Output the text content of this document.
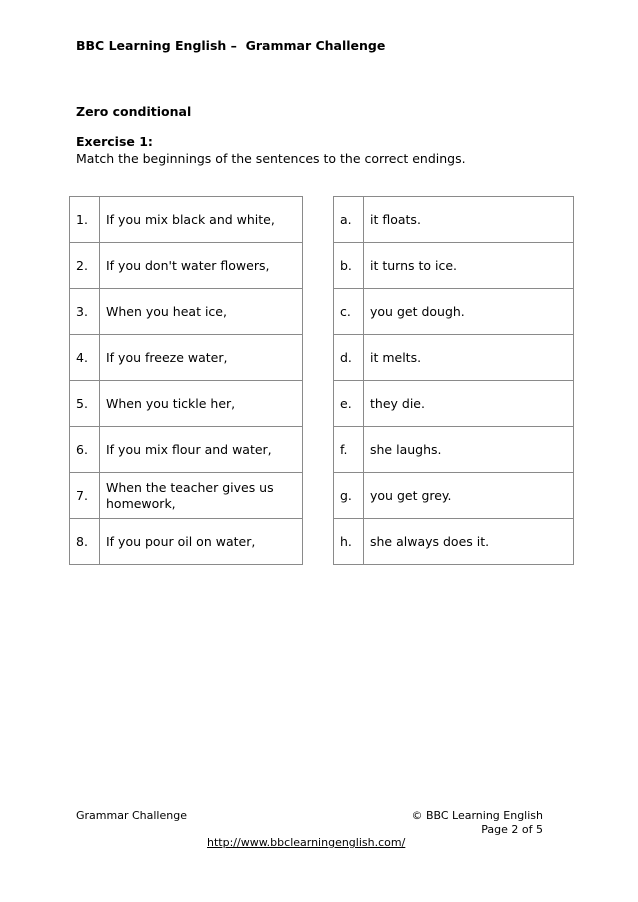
BBC Learning English –  Grammar Challenge
Zero conditional
Exercise 1:
Match the beginnings of the sentences to the correct endings.
1.	If you mix black and white,
2.	If you don't water flowers,
3.	When you heat ice,
4.	If you freeze water,
5.	When you tickle her,
6.	If you mix flour and water,
7.	When the teacher gives us homework,
8.	If you pour oil on water,
a.	it floats.
b.	it turns to ice.
c.	you get dough.
d.	it melts.
e.	they die.
f.	she laughs.
g.	you get grey.
h.	she always does it.
Grammar Challenge	© BBC Learning English
Page 2 of 5
http://www.bbclearningenglish.com/
